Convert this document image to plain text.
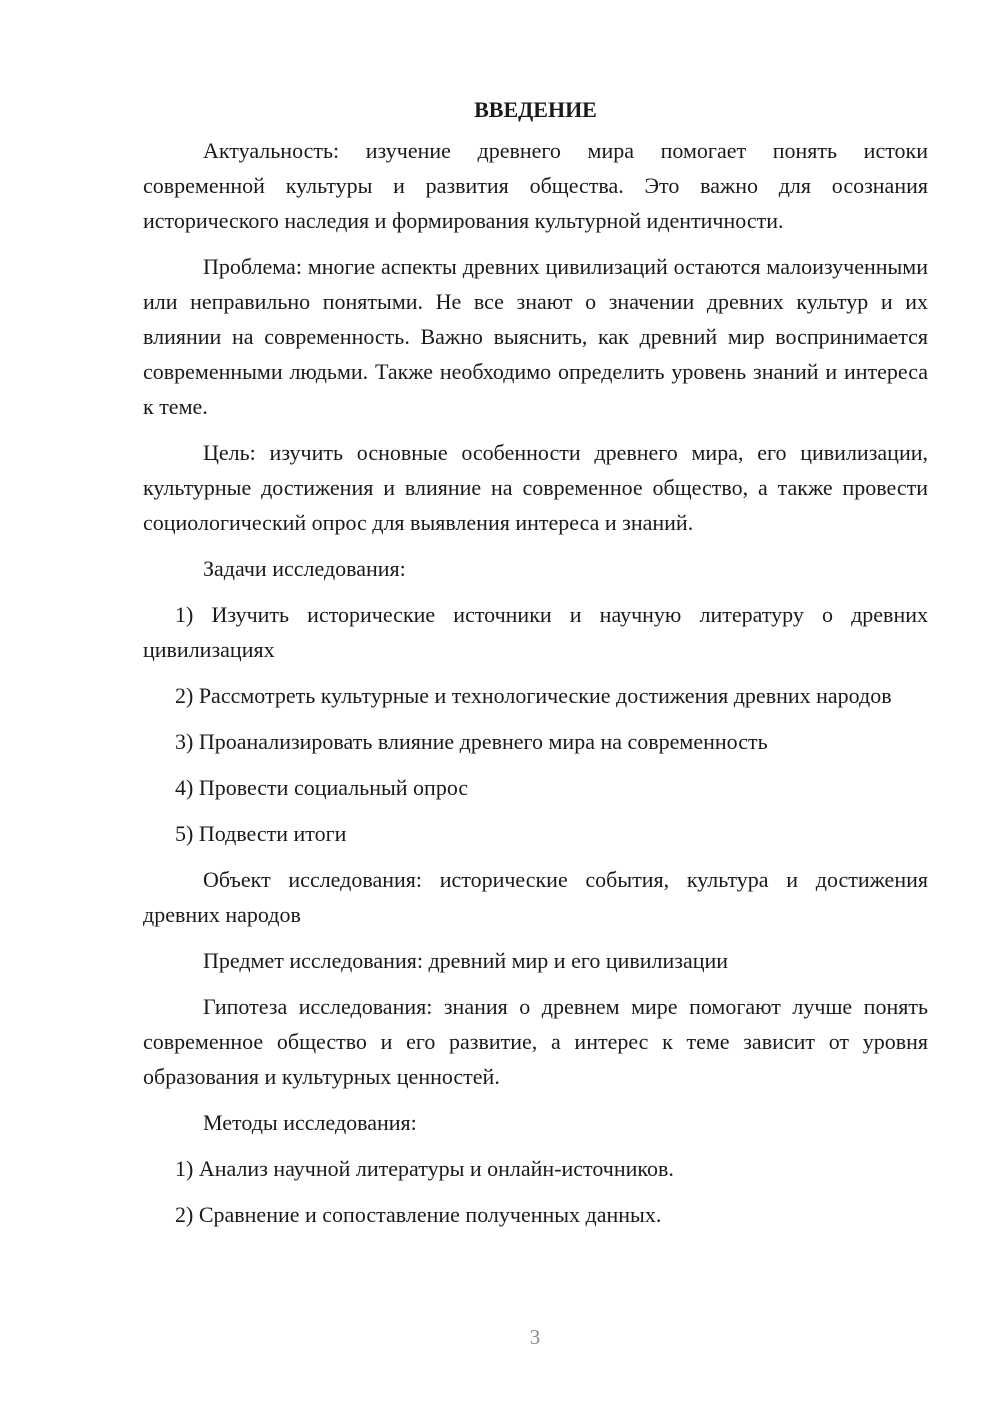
ВВЕДЕНИЕ

Актуальность: изучение древнего мира помогает понять истоки современной культуры и развития общества. Это важно для осознания исторического наследия и формирования культурной идентичности.

Проблема: многие аспекты древних цивилизаций остаются малоизученными или неправильно понятыми. Не все знают о значении древних культур и их влиянии на современность. Важно выяснить, как древний мир воспринимается современными людьми. Также необходимо определить уровень знаний и интереса к теме.

Цель: изучить основные особенности древнего мира, его цивилизации, культурные достижения и влияние на современное общество, а также провести социологический опрос для выявления интереса и знаний.

Задачи исследования:

1) Изучить исторические источники и научную литературу о древних цивилизациях

2) Рассмотреть культурные и технологические достижения древних народов

3) Проанализировать влияние древнего мира на современность

4) Провести социальный опрос

5) Подвести итоги

Объект исследования: исторические события, культура и достижения древних народов

Предмет исследования: древний мир и его цивилизации

Гипотеза исследования: знания о древнем мире помогают лучше понять современное общество и его развитие, а интерес к теме зависит от уровня образования и культурных ценностей.

Методы исследования:

1) Анализ научной литературы и онлайн-источников.

2) Сравнение и сопоставление полученных данных.

3
